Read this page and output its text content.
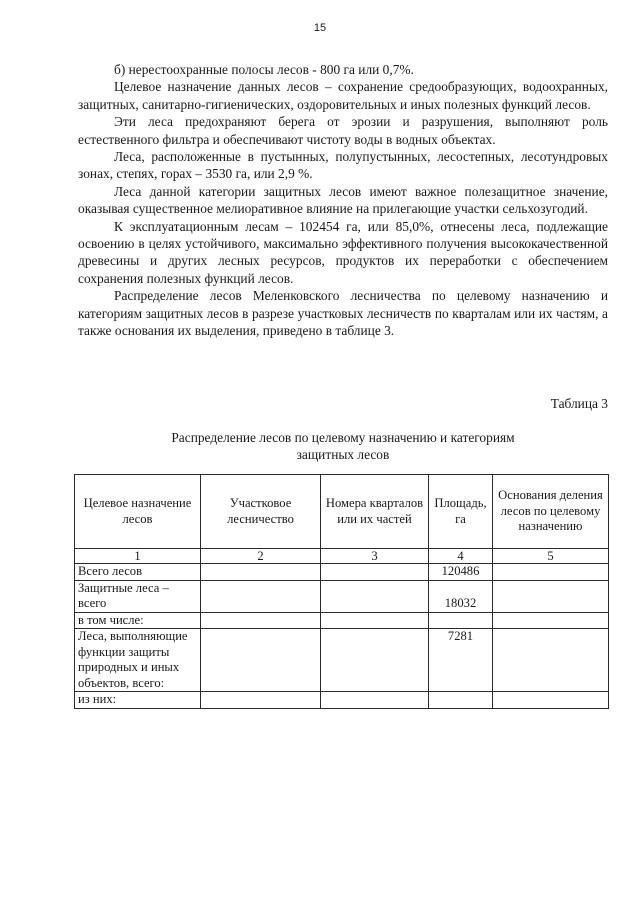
15

б) нерестоохранные полосы лесов - 800 га или 0,7%.

Целевое назначение данных лесов – сохранение средообразующих, водоохранных, защитных, санитарно-гигиенических, оздоровительных и иных полезных функций лесов.

Эти леса предохраняют берега от эрозии и разрушения, выполняют роль естественного фильтра и обеспечивают чистоту воды в водных объектах.

Леса, расположенные в пустынных, полупустынных, лесостепных, лесотундровых зонах, степях, горах – 3530 га, или 2,9 %.

Леса данной категории защитных лесов имеют важное полезащитное значение, оказывая существенное мелиоративное влияние на прилегающие участки сельхозугодий.

К эксплуатационным лесам – 102454 га, или 85,0%, отнесены леса, подлежащие освоению в целях устойчивого, максимально эффективного получения высококачественной древесины и других лесных ресурсов, продуктов их переработки с обеспечением сохранения полезных функций лесов.

Распределение лесов Меленковского лесничества по целевому назначению и категориям защитных лесов в разрезе участковых лесничеств по кварталам или их частям, а также основания их выделения, приведено в таблице 3.

Таблица 3
Распределение лесов по целевому назначению и категориям
защитных лесов
Целевое назначение лесов	Участковое лесничество	Номера кварталов или их частей	Площадь, га	Основания деления лесов по целевому назначению
1	2	3	4	5
Всего лесов			120486	
Защитные леса – всего			18032	
в том числе:				
Леса, выполняющие функции защиты природных и иных объектов, всего:			7281	
из них:				
